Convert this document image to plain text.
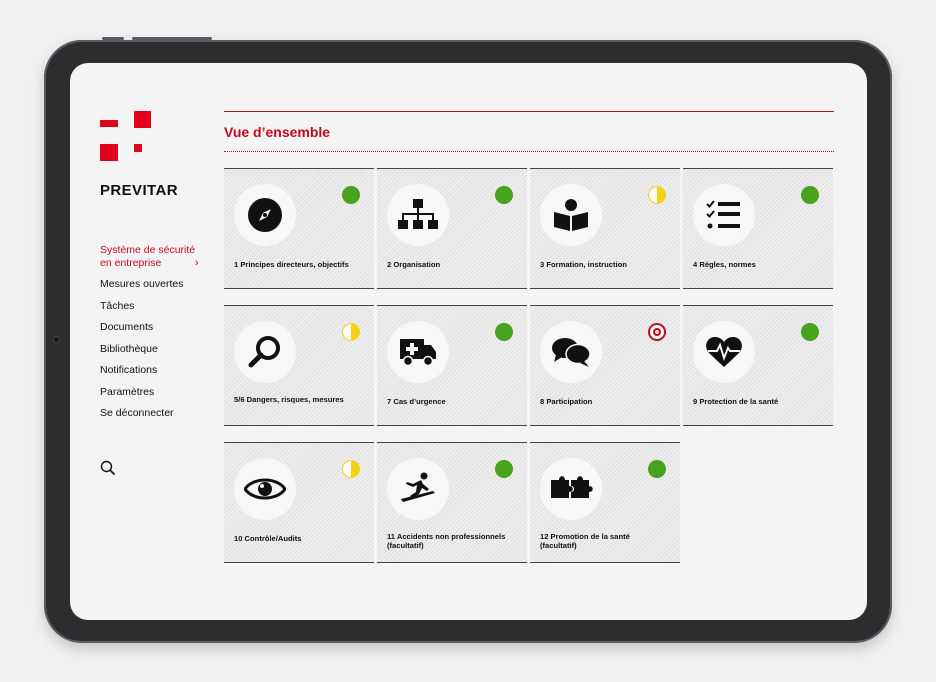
PREVITAR
Système de sécurité
en entreprise	›
Mesures ouvertes
Tâches
Documents
Bibliothèque
Notifications
Paramètres
Se déconnecter
Vue d’ensemble
1 Principes directeurs, objectifs	2 Organisation	3 Formation, instruction	4 Règles, normes
5/6 Dangers, risques, mesures	7 Cas d’urgence	8 Participation	9 Protection de la santé
10 Contrôle/Audits	11 Accidents non professionnels (facultatif)
12 Promotion de la santé (facultatif)
